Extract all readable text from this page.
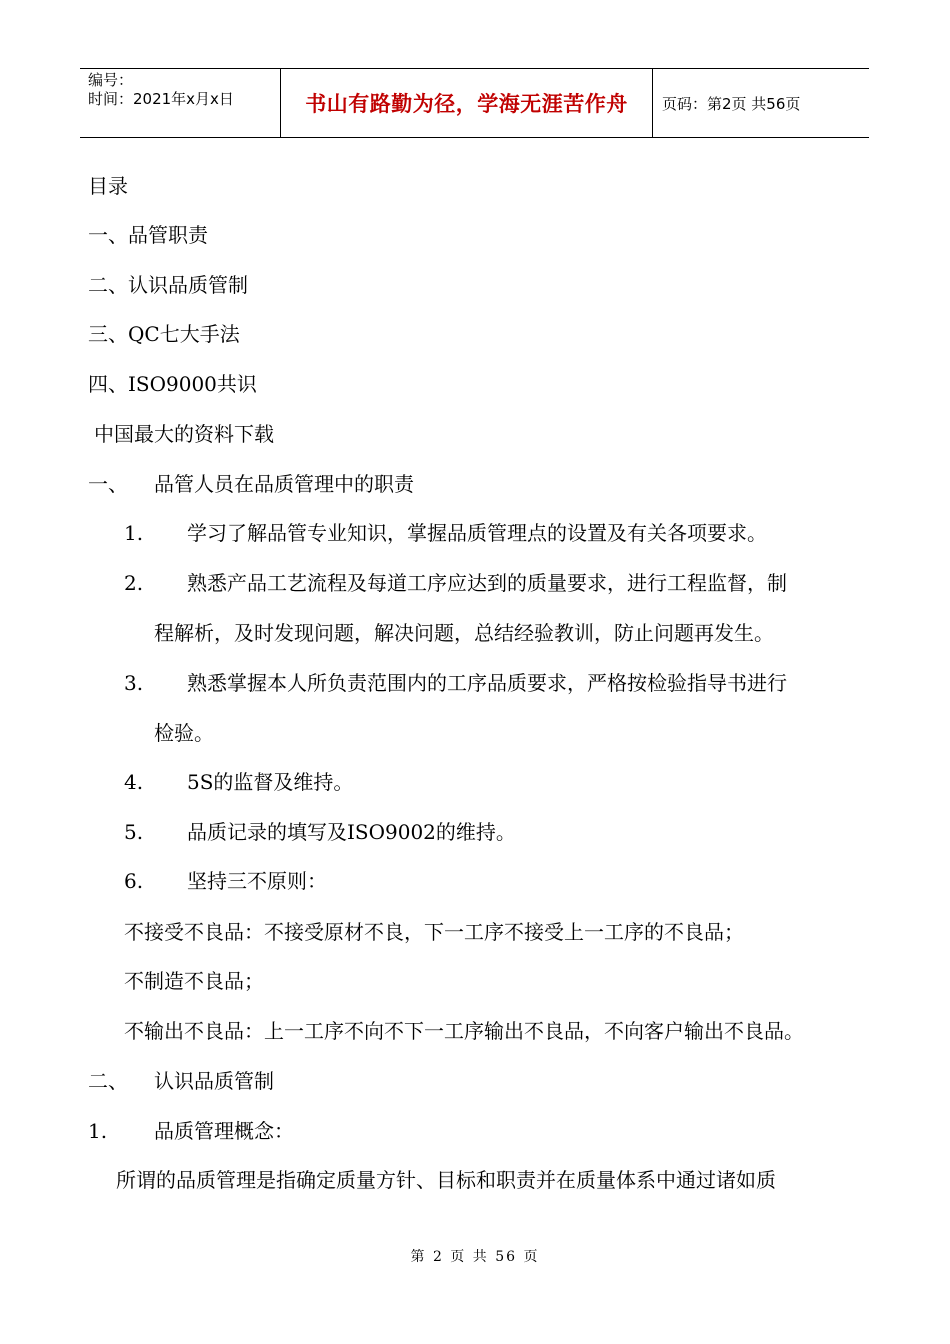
编号：
时间：2021年x月x日	书山有路勤为径，学海无涯苦作舟 页码：第2页 共56页
目录
一、品管职责
二、认识品质管制
三、QC七大手法
四、ISO9000共识
中国最大的资料下载
一、 品管人员在品质管理中的职责
1. 学习了解品管专业知识，掌握品质管理点的设置及有关各项要求。
2. 熟悉产品工艺流程及每道工序应达到的质量要求，进行工程监督，制
程解析，及时发现问题，解决问题，总结经验教训，防止问题再发生。
3. 熟悉掌握本人所负责范围内的工序品质要求，严格按检验指导书进行
检验。
4. 5S的监督及维持。
5. 品质记录的填写及ISO9002的维持。
6. 坚持三不原则：
不接受不良品：不接受原材不良，下一工序不接受上一工序的不良品；
不制造不良品；
不输出不良品：上一工序不向不下一工序输出不良品，不向客户输出不良品。
二、 认识品质管制
1. 品质管理概念：
所谓的品质管理是指确定质量方针、目标和职责并在质量体系中通过诸如质
第 2 页 共 56 页
